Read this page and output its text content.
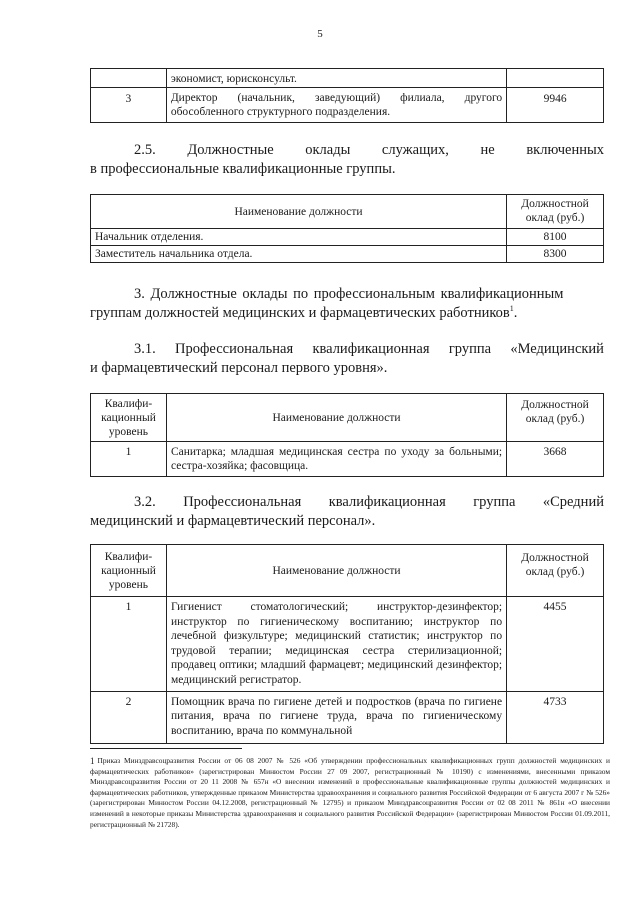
5
	экономист, юрисконсульт.	
3	Директор (начальник, заведующий) филиала, другого обособленного структурного подразделения.	9946
2.5. Должностные оклады служащих, не включенных
в профессиональные квалификационные группы.
Наименование должности	Должностной оклад (руб.)
Начальник отделения.	8100
Заместитель начальника отдела.	8300
3. Должностные оклады по профессиональным квалификационным
группам должностей медицинских и фармацевтических работников$^1$.
3.1. Профессиональная квалификационная группа «Медицинский
и фармацевтический персонал первого уровня».
Квалифи-кационный уровень	Наименование должности	Должностной оклад (руб.)
1	Санитарка; младшая медицинская сестра по уходу за больными; сестра-хозяйка; фасовщица.	3668
3.2. Профессиональная квалификационная группа «Средний
медицинский и фармацевтический персонал».
Квалифи-кационный уровень	Наименование должности	Должностной оклад (руб.)
1	Гигиенист стоматологический; инструктор-дезинфектор; инструктор по гигиеническому воспитанию; инструктор по лечебной физкультуре; медицинский статистик; инструктор по трудовой терапии; медицинская сестра стерилизационной; продавец оптики; младший фармацевт; медицинский дезинфектор; медицинский регистратор.	4455
2	Помощник врача по гигиене детей и подростков (врача по гигиене питания, врача по гигиене труда, врача по гигиеническому воспитанию, врача по коммунальной	4733
1 Приказ Минздравсоцразвития России от 06 08 2007 № 526 «Об утверждении профессиональных квалификационных групп должностей медицинских и фармацевтических работников» (зарегистрирован Минюстом России 27 09 2007, регистрационный № 10190) с изменениями, внесенными приказом Минздравсоцразвития России от 20 11 2008 № 657н «О внесении изменений в профессиональные квалификационные группы должностей медицинских и фармацевтических работников, утвержденные приказом Министерства здравоохранения и социального развития Российской Федерации от 6 августа 2007 г № 526» (зарегистрирован Минюстом России 04.12.2008, регистрационный № 12795) и приказом Минздравсоцразвития России от 02 08 2011 № 861н «О внесении изменений в некоторые приказы Министерства здравоохранения и социального развития Российской Федерации» (зарегистрирован Минюстом России 01.09.2011, регистрационный № 21728).
